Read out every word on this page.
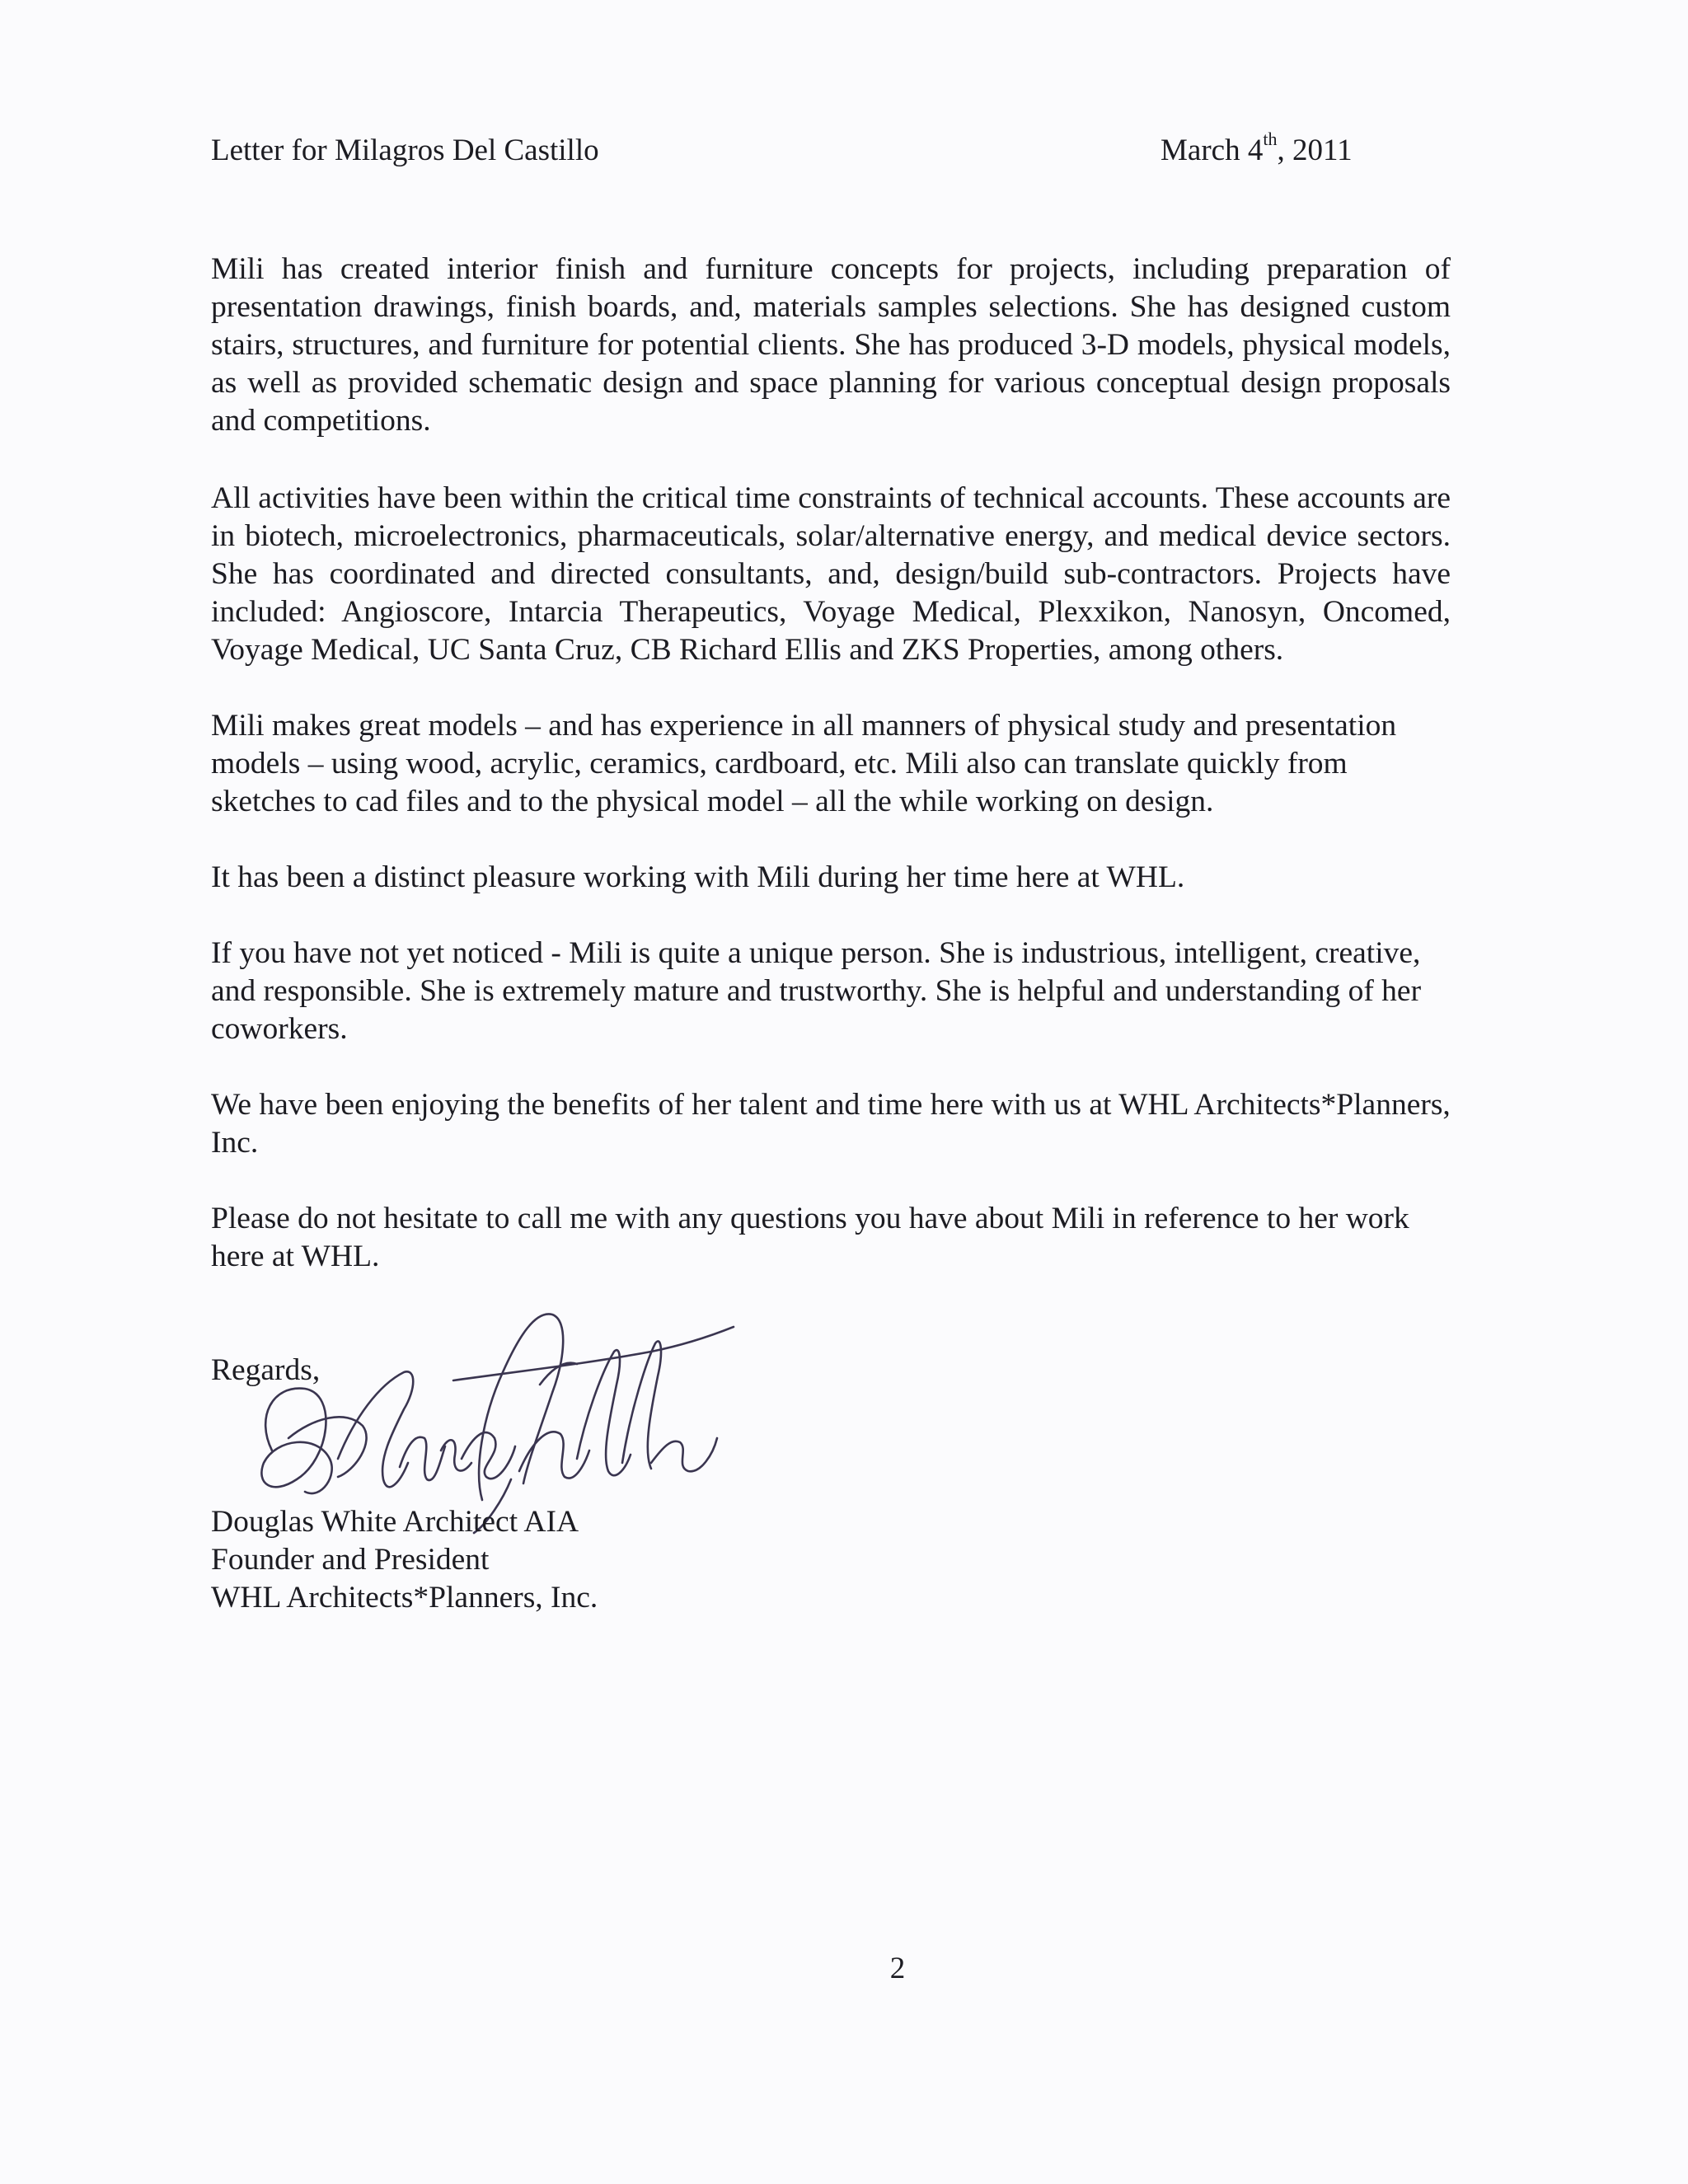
Letter for Milagros Del Castillo	March 4th, 2011

Mili has created interior finish and furniture concepts for projects, including preparation of presentation drawings, finish boards, and, materials samples selections. She has designed custom stairs, structures, and furniture for potential clients. She has produced 3-D models, physical models, as well as provided schematic design and space planning for various conceptual design proposals and competitions.

All activities have been within the critical time constraints of technical accounts. These accounts are in biotech, microelectronics, pharmaceuticals, solar/alternative energy, and medical device sectors. She has coordinated and directed consultants, and, design/build sub-contractors. Projects have included: Angioscore, Intarcia Therapeutics, Voyage Medical, Plexxikon, Nanosyn, Oncomed, Voyage Medical, UC Santa Cruz, CB Richard Ellis and ZKS Properties, among others.

Mili makes great models – and has experience in all manners of physical study and presentation models – using wood, acrylic, ceramics, cardboard, etc. Mili also can translate quickly from sketches to cad files and to the physical model – all the while working on design.

It has been a distinct pleasure working with Mili during her time here at WHL.

If you have not yet noticed - Mili is quite a unique person. She is industrious, intelligent, creative, and responsible. She is extremely mature and trustworthy. She is helpful and understanding of her coworkers.

We have been enjoying the benefits of her talent and time here with us at WHL Architects*Planners, Inc.

Please do not hesitate to call me with any questions you have about Mili in reference to her work here at WHL.

Regards,
Douglas White Architect AIA
Founder and President
WHL Architects*Planners, Inc.
2
